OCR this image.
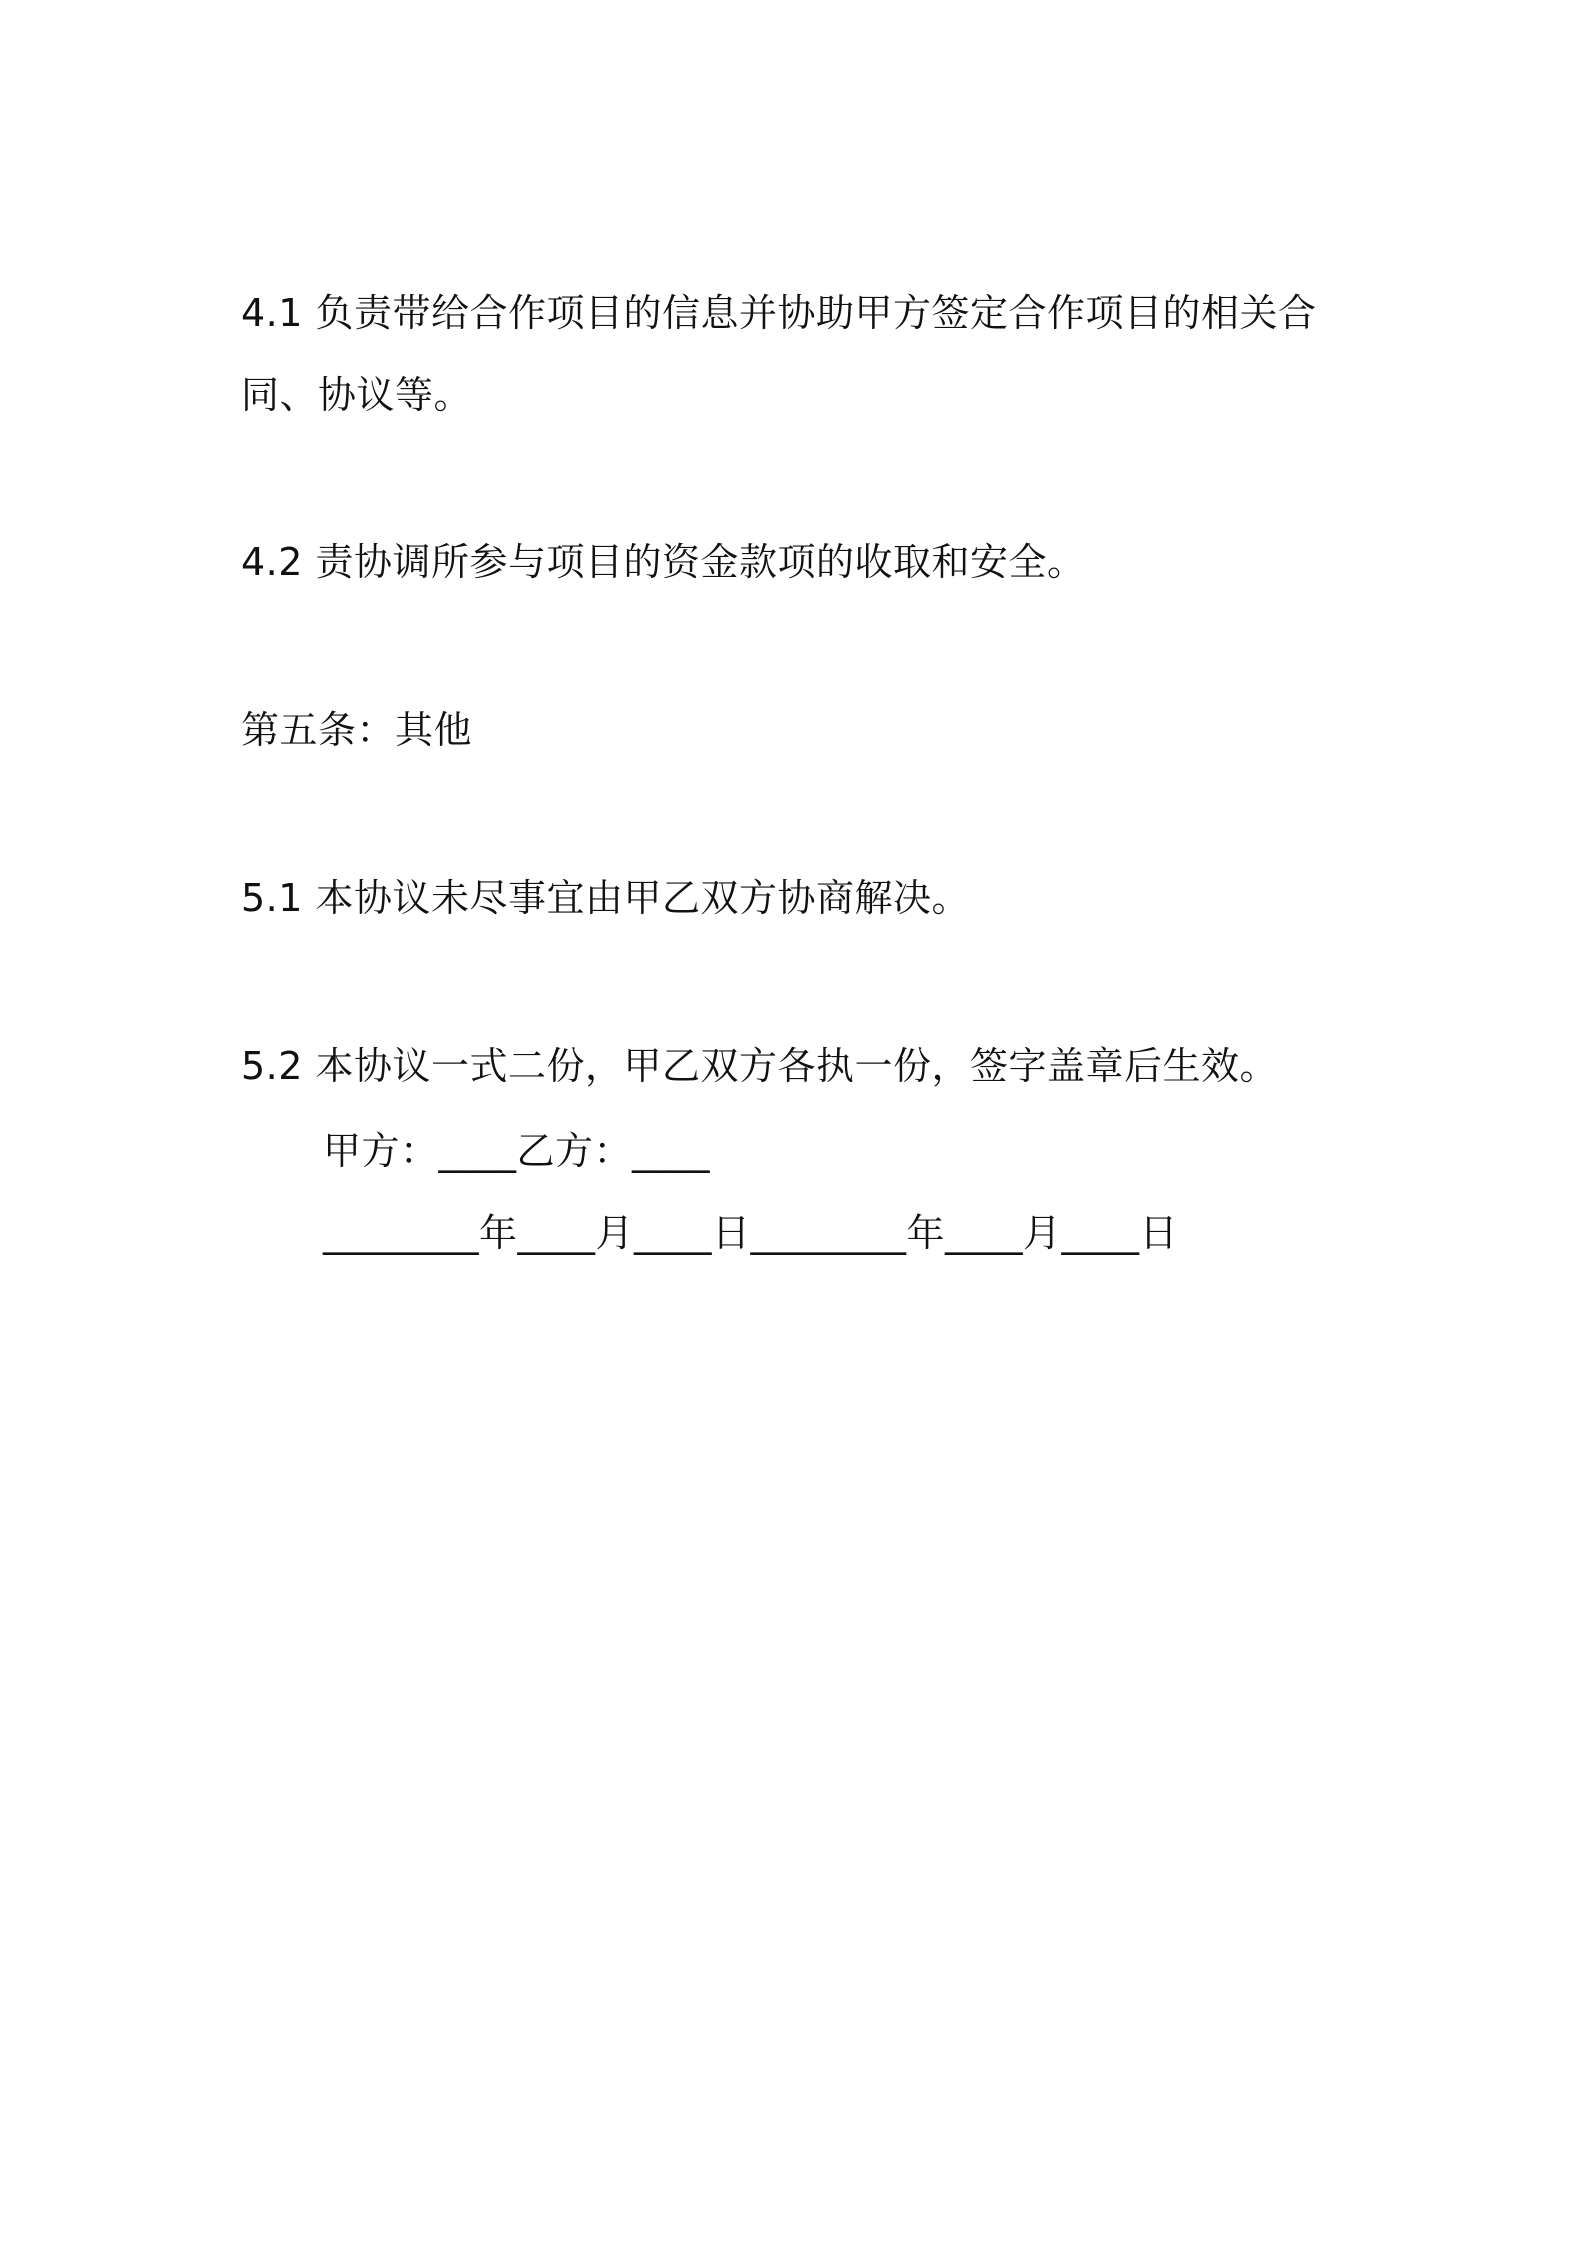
4.1 负责带给合作项目的信息并协助甲方签定合作项目的相关合
同、协议等。
4.2 责协调所参与项目的资金款项的收取和安全。
第五条：其他
5.1 本协议未尽事宜由甲乙双方协商解决。
5.2 本协议一式二份，甲乙双方各执一份，签字盖章后生效。
甲方：____乙方：____
________年____月____日________年____月____日
